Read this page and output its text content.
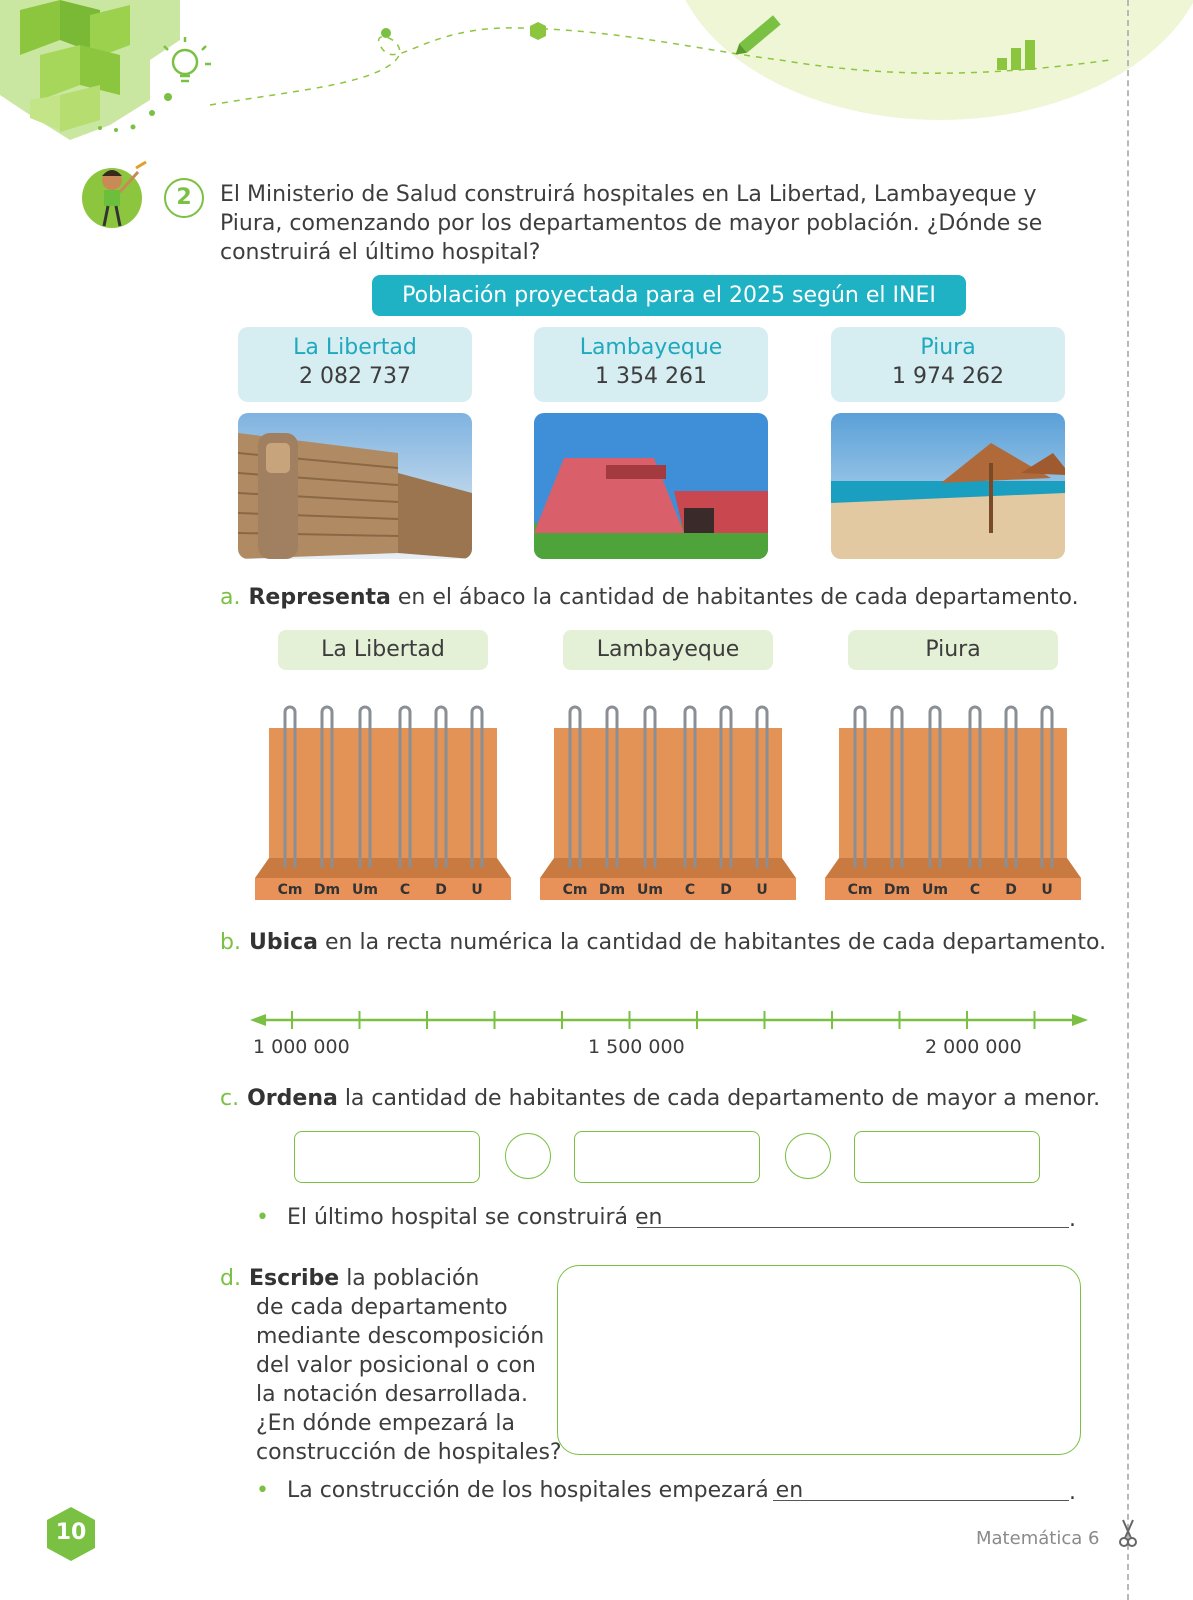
2	El Ministerio de Salud construirá hospitales en La Libertad, Lambayeque y Piura, comenzando por los departamentos de mayor población. ¿Dónde se construirá el último hospital?
Población proyectada para el 2025 según el INEI
La Libertad
2 082 737
Lambayeque
1 354 261
Piura
1 974 262
a. Representa en el ábaco la cantidad de habitantes de cada departamento.
La Libertad	Lambayeque	Piura
Cm Dm Um C D U	Cm Dm Um C D U	Cm Dm Um C D U
b. Ubica en la recta numérica la cantidad de habitantes de cada departamento.
1 000 000	1 500 000	2 000 000
c. Ordena la cantidad de habitantes de cada departamento de mayor a menor.
• El último hospital se construirá en	.
d. Escribe la población
de cada departamento
mediante descomposición
del valor posicional o con
la notación desarrollada.
¿En dónde empezará la
construcción de hospitales?
• La construcción de los hospitales empezará en	.
10	Matemática 6
